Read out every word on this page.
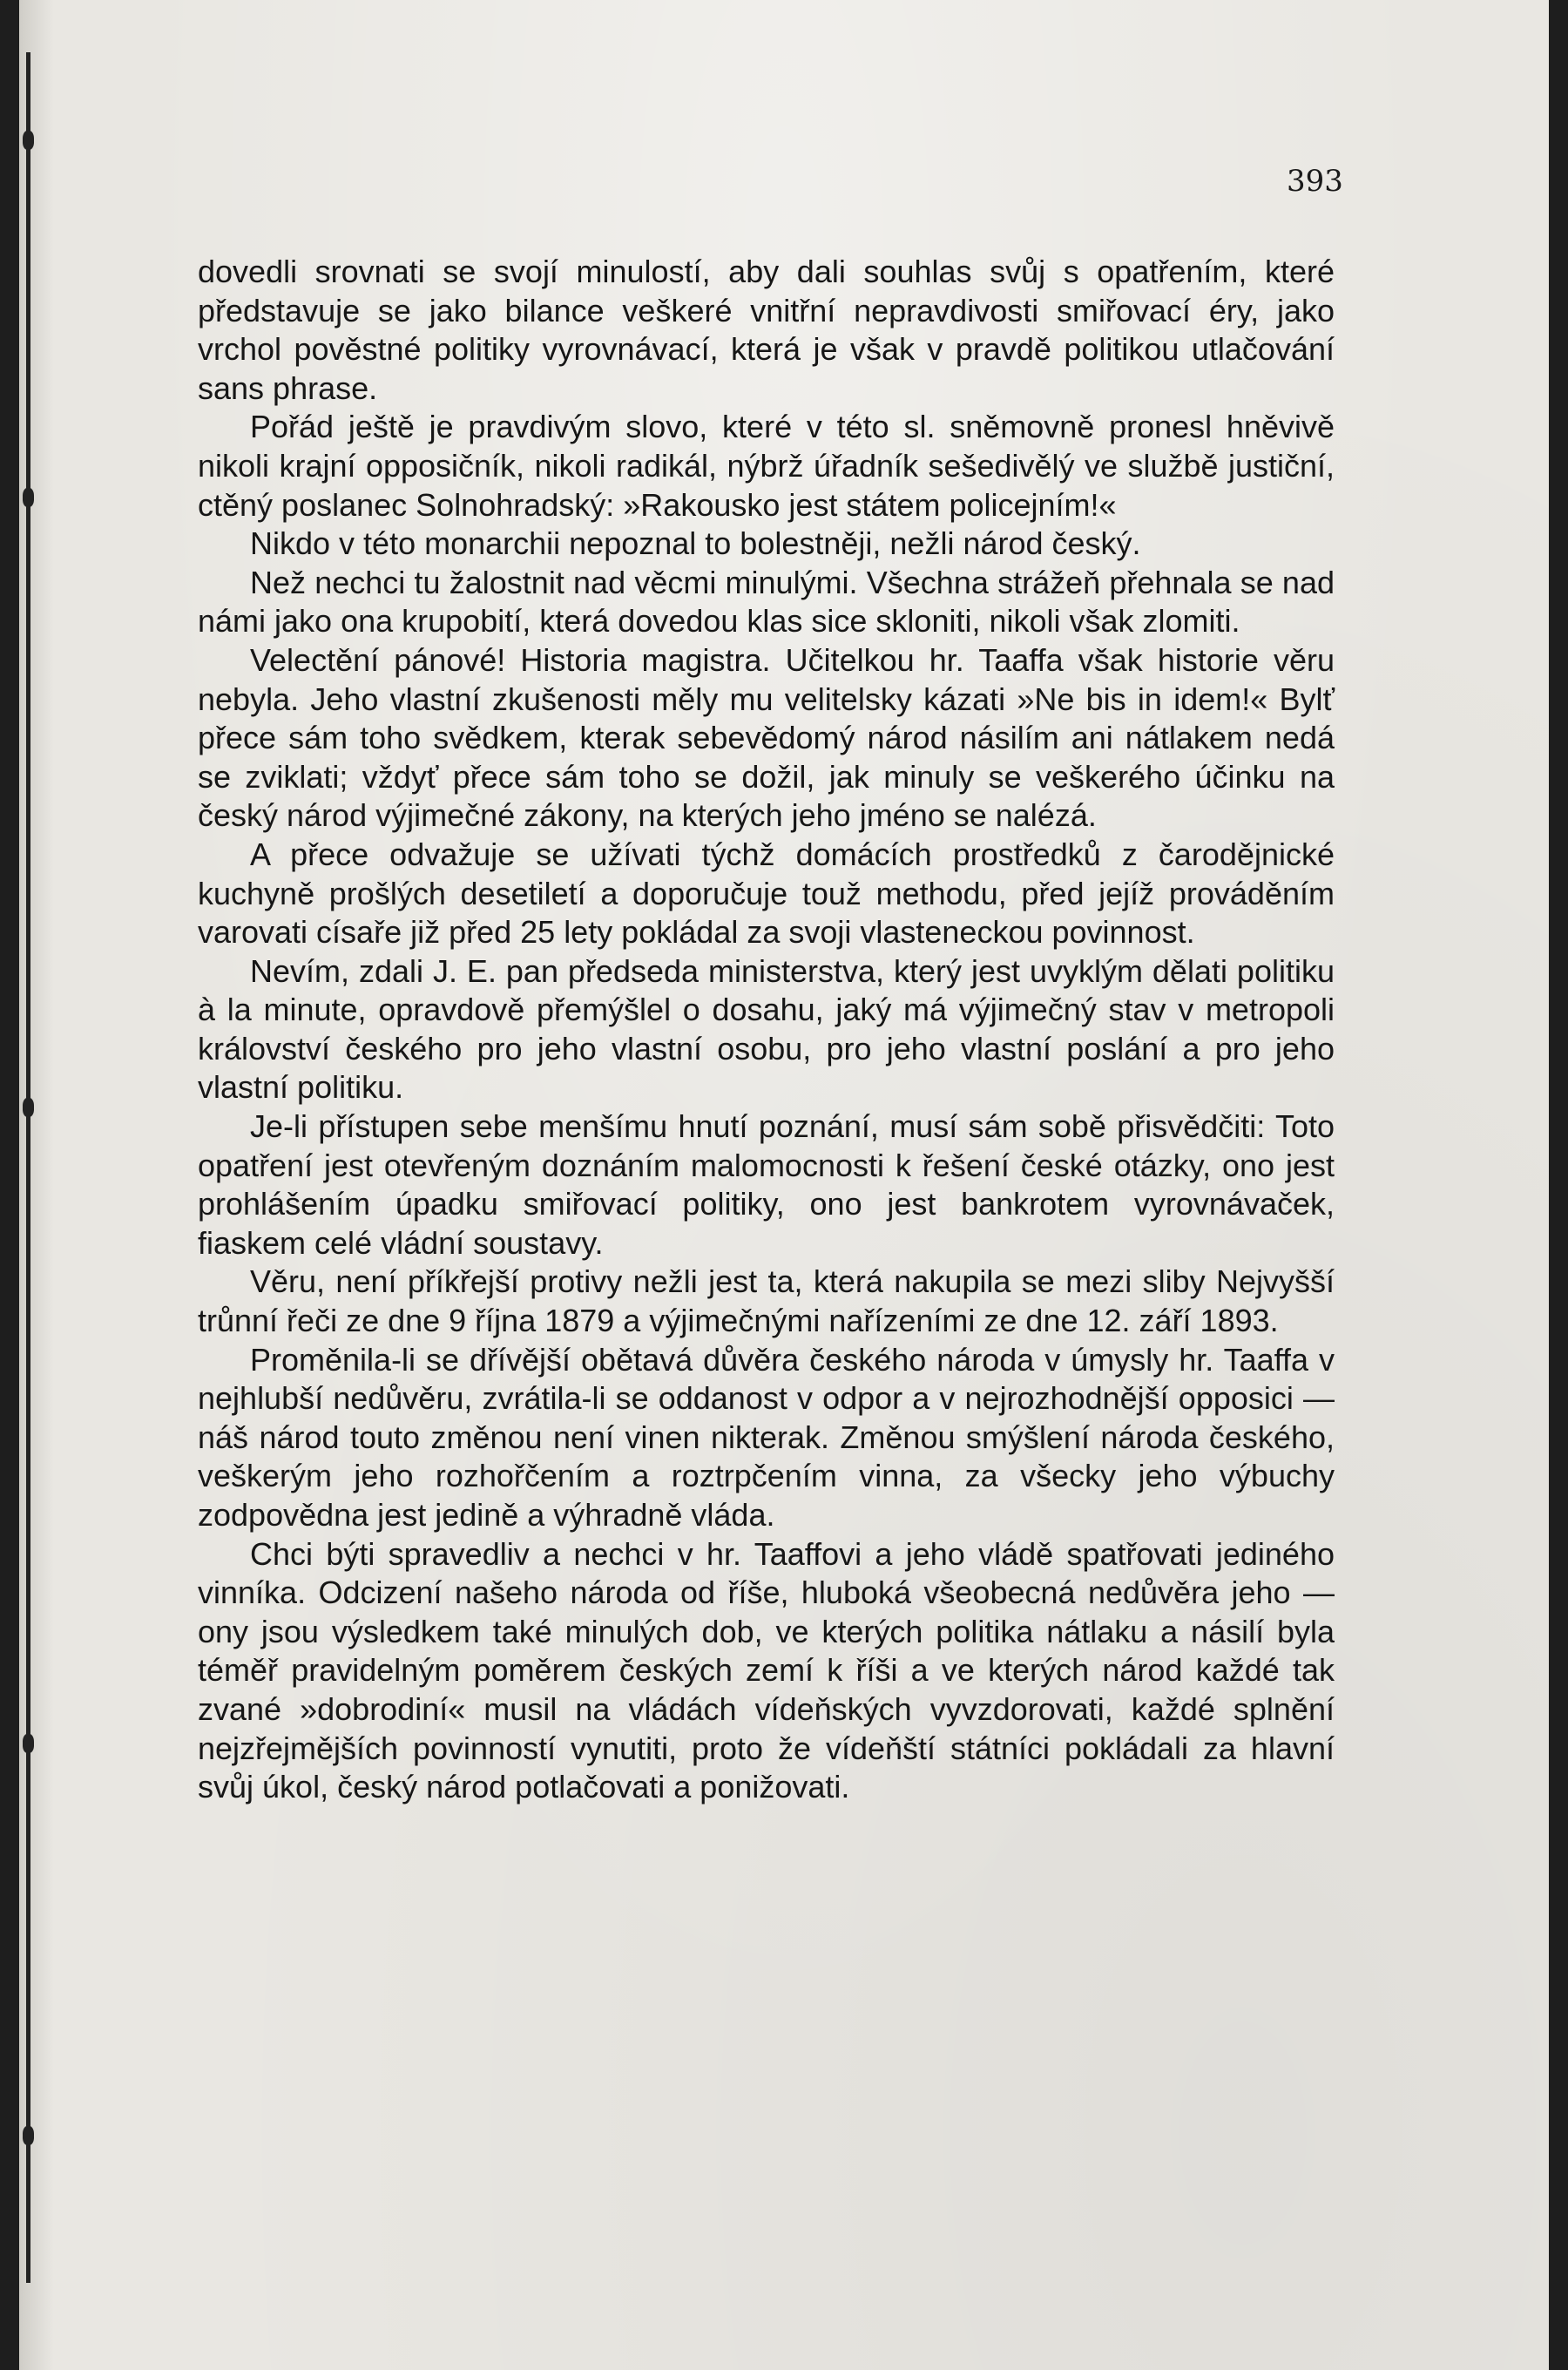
393

dovedli srovnati se svojí minulostí, aby dali souhlas svůj s opatřením, které představuje se jako bilance veškeré vnitřní nepravdivosti smiřovací éry, jako vrchol pověstné politiky vyrovnávací, která je však v pravdě politikou utlačování sans phrase.

Pořád ještě je pravdivým slovo, které v této sl. sněmovně pronesl hněvivě nikoli krajní opposičník, nikoli radikál, nýbrž úřadník sešedivělý ve službě justiční, ctěný poslanec Solnohradský: »Rakousko jest státem policejním!«

Nikdo v této monarchii nepoznal to bolestněji, nežli národ český.

Než nechci tu žalostnit nad věcmi minulými. Všechna strážeň přehnala se nad námi jako ona krupobití, která dovedou klas sice skloniti, nikoli však zlomiti.

Velectění pánové! Historia magistra. Učitelkou hr. Taaffa však historie věru nebyla. Jeho vlastní zkušenosti měly mu velitelsky kázati »Ne bis in idem!« Bylť přece sám toho svědkem, kterak sebevědomý národ násilím ani nátlakem nedá se zviklati; vždyť přece sám toho se dožil, jak minuly se veškerého účinku na český národ výjimečné zákony, na kterých jeho jméno se nalézá.

A přece odvažuje se užívati týchž domácích prostředků z čarodějnické kuchyně prošlých desetiletí a doporučuje touž methodu, před jejíž prováděním varovati císaře již před 25 lety pokládal za svoji vlasteneckou povinnost.

Nevím, zdali J. E. pan předseda ministerstva, který jest uvyklým dělati politiku à la minute, opravdově přemýšlel o dosahu, jaký má výjimečný stav v metropoli království českého pro jeho vlastní osobu, pro jeho vlastní poslání a pro jeho vlastní politiku.

Je-li přístupen sebe menšímu hnutí poznání, musí sám sobě přisvědčiti: Toto opatření jest otevřeným doznáním malomocnosti k řešení české otázky, ono jest prohlášením úpadku smiřovací politiky, ono jest bankrotem vyrovnávaček, fiaskem celé vládní soustavy.

Věru, není příkřejší protivy nežli jest ta, která nakupila se mezi sliby Nejvyšší trůnní řeči ze dne 9 října 1879 a výjimečnými nařízeními ze dne 12. září 1893.

Proměnila-li se dřívější obětavá důvěra českého národa v úmysly hr. Taaffa v nejhlubší nedůvěru, zvrátila-li se oddanost v odpor a v nejrozhodnější opposici — náš národ touto změnou není vinen nikterak. Změnou smýšlení národa českého, veškerým jeho rozhořčením a roztrpčením vinna, za všecky jeho výbuchy zodpovědna jest jedině a výhradně vláda.

Chci býti spravedliv a nechci v hr. Taaffovi a jeho vládě spatřovati jediného vinníka. Odcizení našeho národa od říše, hluboká všeobecná nedůvěra jeho — ony jsou výsledkem také minulých dob, ve kterých politika nátlaku a násilí byla téměř pravidelným poměrem českých zemí k říši a ve kterých národ každé tak zvané »dobrodiní« musil na vládách vídeňských vyvzdorovati, každé splnění nejzřejmějších povinností vynutiti, proto že vídeňští státníci pokládali za hlavní svůj úkol, český národ potlačovati a ponižovati.
